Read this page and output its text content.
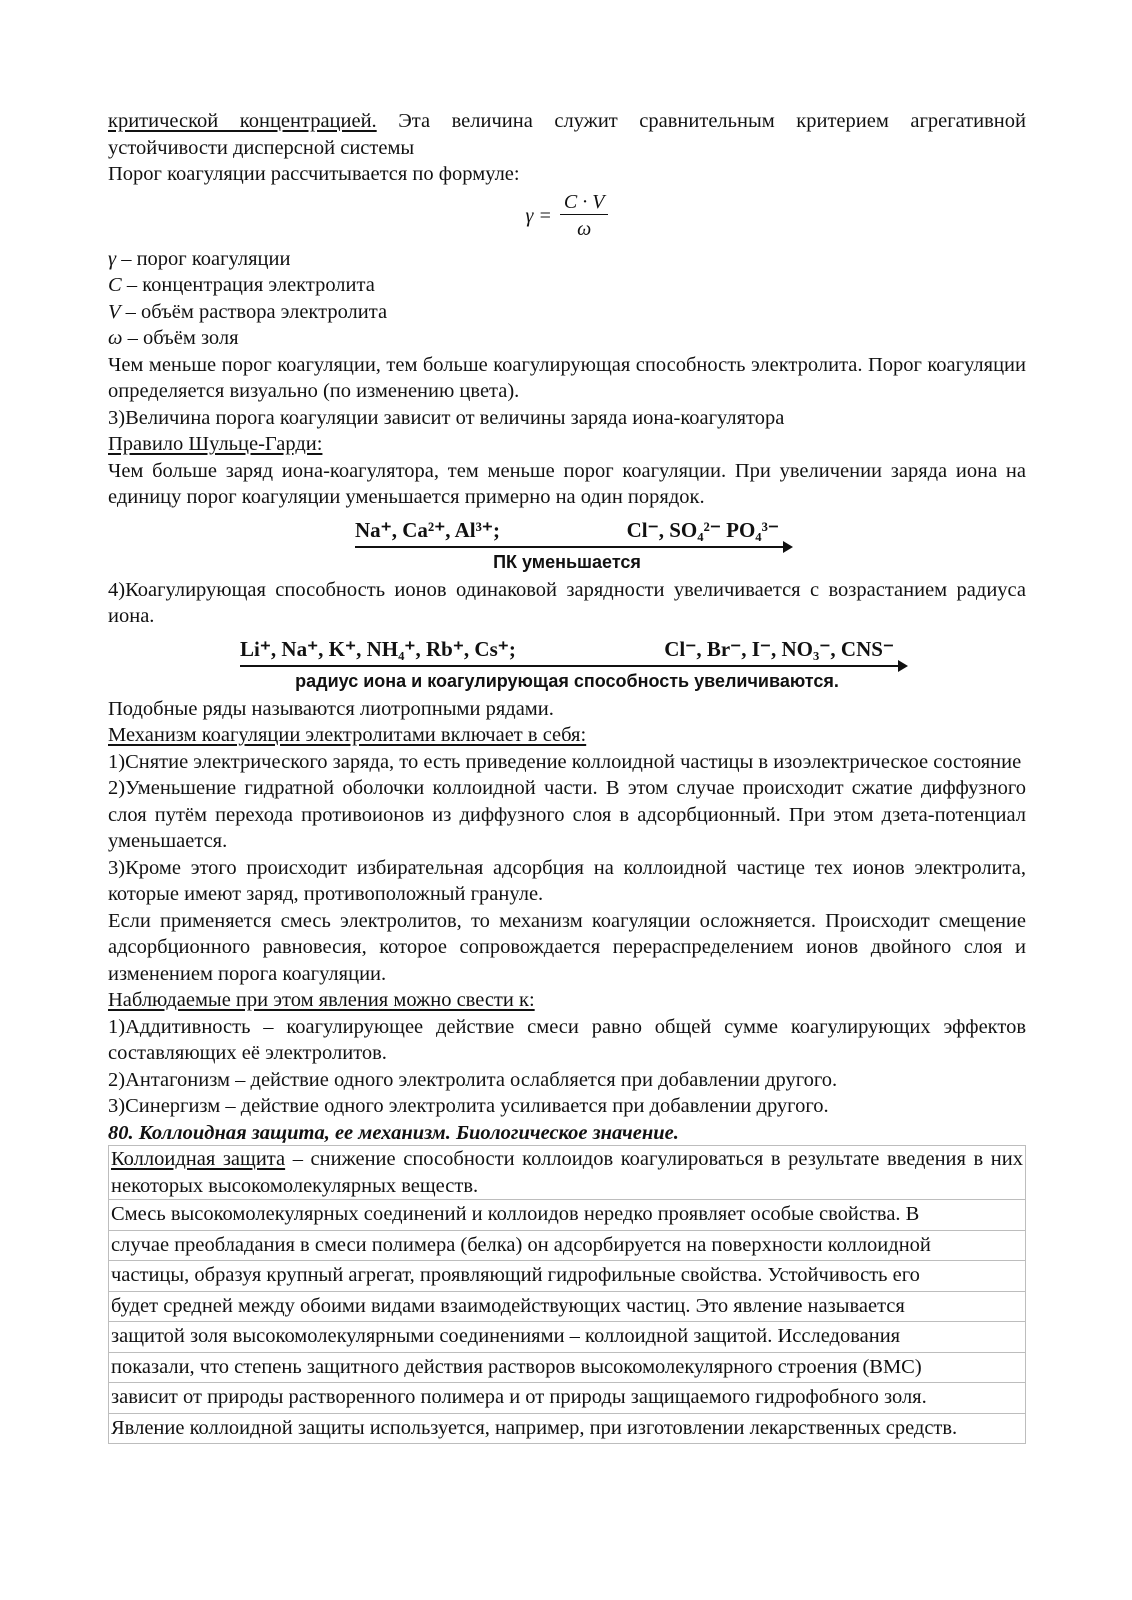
критической концентрацией. Эта величина служит сравнительным критерием агрегативной устойчивости дисперсной системы

Порог коагуляции рассчитывается по формуле:

$\gamma = \frac{C \cdot V}{\omega}$

γ – порог коагуляции

C – концентрация электролита

V – объём раствора электролита

ω – объём золя

Чем меньше порог коагуляции, тем больше коагулирующая способность электролита. Порог коагуляции определяется визуально (по изменению цвета).

3)Величина порога коагуляции зависит от величины заряда иона-коагулятора

Правило Шульце-Гарди:

Чем больше заряд иона-коагулятора, тем меньше порог коагуляции. При увеличении заряда иона на единицу порог коагуляции уменьшается примерно на один порядок.

Na⁺, Ca²⁺, Al³⁺;	Cl⁻, SO₄²⁻ PO₄³⁻
ПК уменьшается

4)Коагулирующая способность ионов одинаковой зарядности увеличивается с возрастанием радиуса иона.

Li⁺, Na⁺, K⁺, NH₄⁺, Rb⁺, Cs⁺;	Cl⁻, Br⁻, I⁻, NO₃⁻, CNS⁻
радиус иона и коагулирующая способность увеличиваются.

Подобные ряды называются лиотропными рядами.

Механизм коагуляции электролитами включает в себя:

1)Снятие электрического заряда, то есть приведение коллоидной частицы в изоэлектрическое состояние

2)Уменьшение гидратной оболочки коллоидной части. В этом случае происходит сжатие диффузного слоя путём перехода противоионов из диффузного слоя в адсорбционный. При этом дзета-потенциал уменьшается.

3)Кроме этого происходит избирательная адсорбция на коллоидной частице тех ионов электролита, которые имеют заряд, противоположный грануле.

Если применяется смесь электролитов, то механизм коагуляции осложняется. Происходит смещение адсорбционного равновесия, которое сопровождается перераспределением ионов двойного слоя и изменением порога коагуляции.

Наблюдаемые при этом явления можно свести к:

1)Аддитивность – коагулирующее действие смеси равно общей сумме коагулирующих эффектов составляющих её электролитов.

2)Антагонизм – действие одного электролита ослабляется при добавлении другого.

3)Синергизм – действие одного электролита усиливается при добавлении другого.

80. Коллоидная защита, ее механизм. Биологическое значение.

Коллоидная защита – снижение способности коллоидов коагулироваться в результате введения в них некоторых высокомолекулярных веществ.

Смесь высокомолекулярных соединений и коллоидов нередко проявляет особые свойства. В

случае преобладания в смеси полимера (белка) он адсорбируется на поверхности коллоидной

частицы, образуя крупный агрегат, проявляющий гидрофильные свойства. Устойчивость его

будет средней между обоими видами взаимодействующих частиц. Это явление называется

защитой золя высокомолекулярными соединениями – коллоидной защитой. Исследования

показали, что степень защитного действия растворов высокомолекулярного строения (ВМС)

зависит от природы растворенного полимера и от природы защищаемого гидрофобного золя.

Явление коллоидной защиты используется, например, при изготовлении лекарственных средств.
